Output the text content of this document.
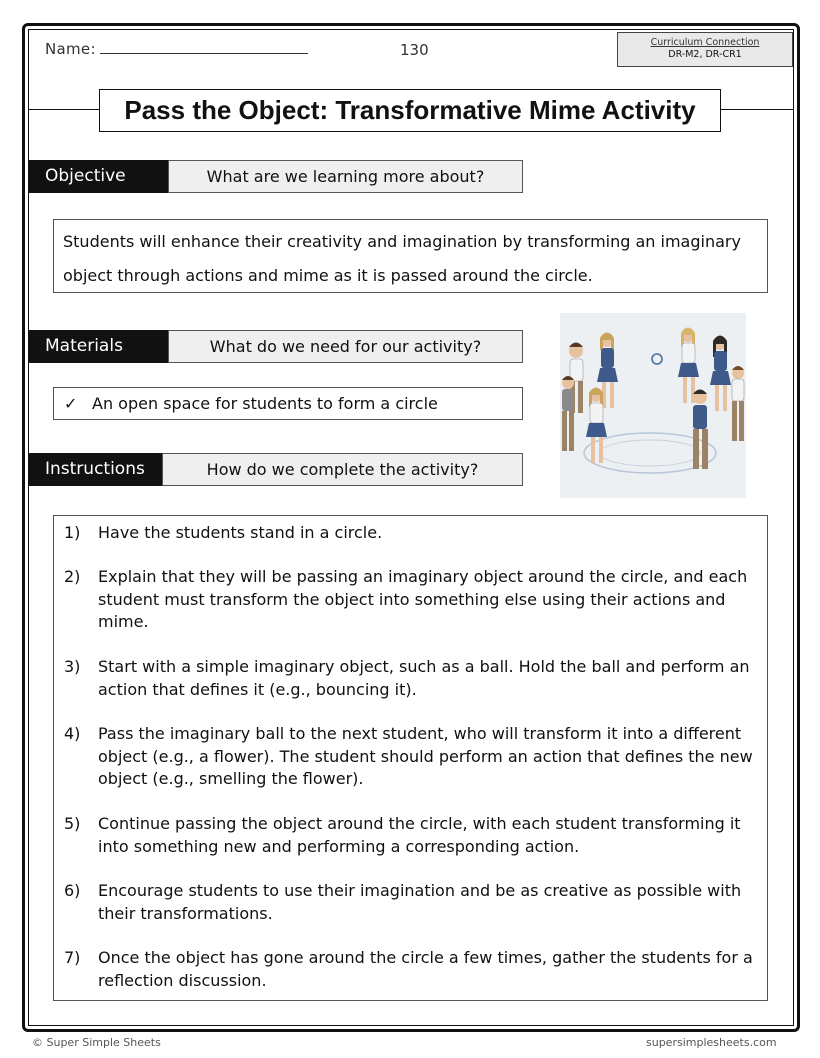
Name:	130	Curriculum Connection
DR-M2, DR-CR1
Pass the Object: Transformative Mime Activity
Objective	What are we learning more about?

Students will enhance their creativity and imagination by transforming an imaginary object through actions and mime as it is passed around the circle.

Materials	What do we need for our activity?
✓ An open space for students to form a circle
Instructions	How do we complete the activity?
1) Have the students stand in a circle.
2) Explain that they will be passing an imaginary object around the circle, and each student must transform the object into something else using their actions and mime.
3) Start with a simple imaginary object, such as a ball. Hold the ball and perform an action that defines it (e.g., bouncing it).
4) Pass the imaginary ball to the next student, who will transform it into a different object (e.g., a flower). The student should perform an action that defines the new object (e.g., smelling the flower).
5) Continue passing the object around the circle, with each student transforming it into something new and performing a corresponding action.
6) Encourage students to use their imagination and be as creative as possible with their transformations.
7) Once the object has gone around the circle a few times, gather the students for a reflection discussion.
© Super Simple Sheets	supersimplesheets.com
